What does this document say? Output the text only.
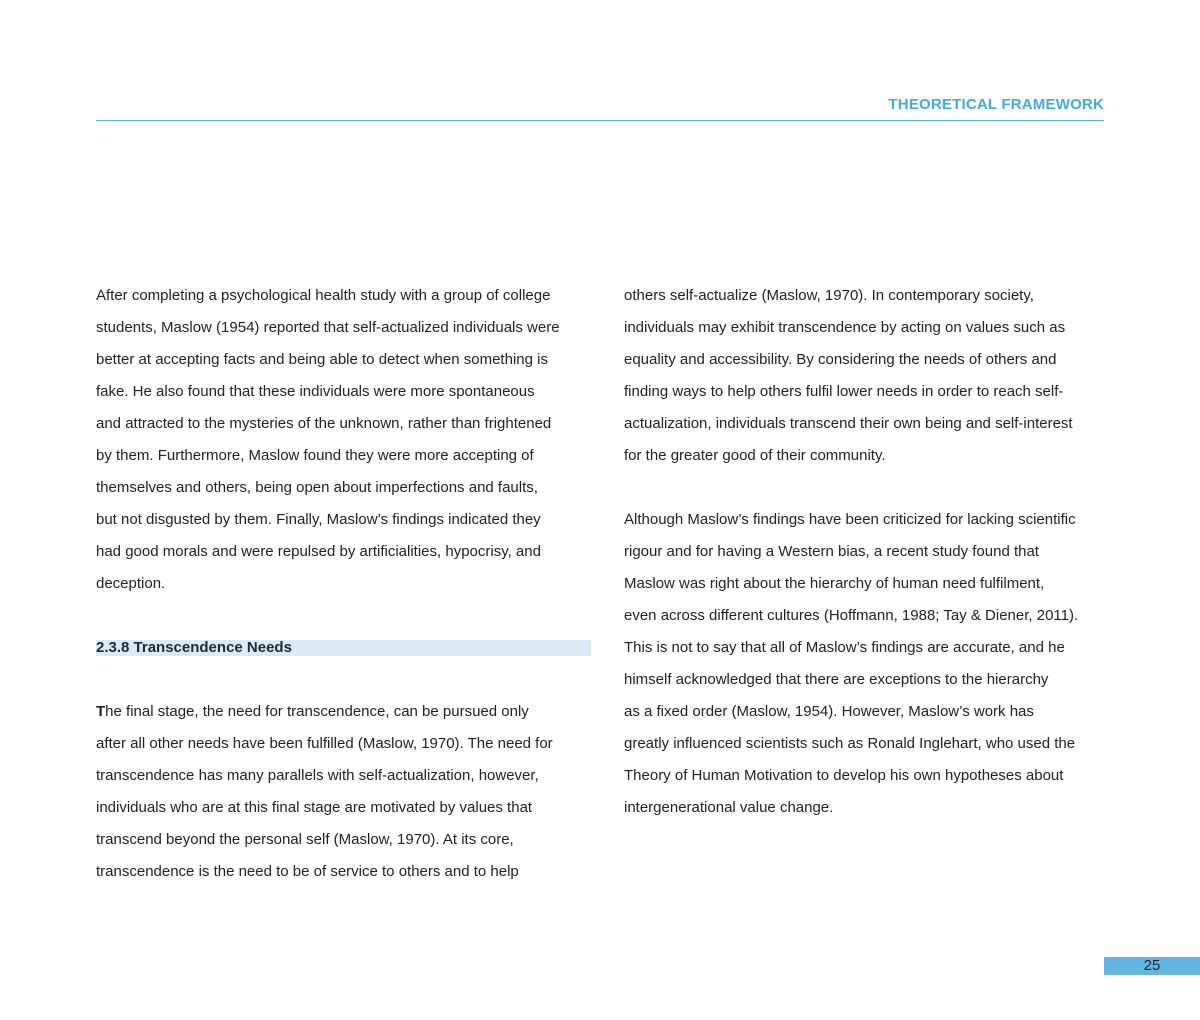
THEORETICAL FRAMEWORK
After completing a psychological health study with a group of college
students, Maslow (1954) reported that self-actualized individuals were
better at accepting facts and being able to detect when something is
fake. He also found that these individuals were more spontaneous
and attracted to the mysteries of the unknown, rather than frightened
by them. Furthermore, Maslow found they were more accepting of
themselves and others, being open about imperfections and faults,
but not disgusted by them. Finally, Maslow’s findings indicated they
had good morals and were repulsed by artificialities, hypocrisy, and
deception.
2.3.8 Transcendence Needs
The final stage, the need for transcendence, can be pursued only
after all other needs have been fulfilled (Maslow, 1970). The need for
transcendence has many parallels with self-actualization, however,
individuals who are at this final stage are motivated by values that
transcend beyond the personal self (Maslow, 1970). At its core,
transcendence is the need to be of service to others and to help
others self-actualize (Maslow, 1970). In contemporary society,
individuals may exhibit transcendence by acting on values such as
equality and accessibility. By considering the needs of others and
finding ways to help others fulfil lower needs in order to reach self-
actualization, individuals transcend their own being and self-interest
for the greater good of their community.
Although Maslow’s findings have been criticized for lacking scientific
rigour and for having a Western bias, a recent study found that
Maslow was right about the hierarchy of human need fulfilment,
even across different cultures (Hoffmann, 1988; Tay & Diener, 2011).
This is not to say that all of Maslow’s findings are accurate, and he
himself acknowledged that there are exceptions to the hierarchy
as a fixed order (Maslow, 1954). However, Maslow’s work has
greatly influenced scientists such as Ronald Inglehart, who used the
Theory of Human Motivation to develop his own hypotheses about
intergenerational value change.
25
